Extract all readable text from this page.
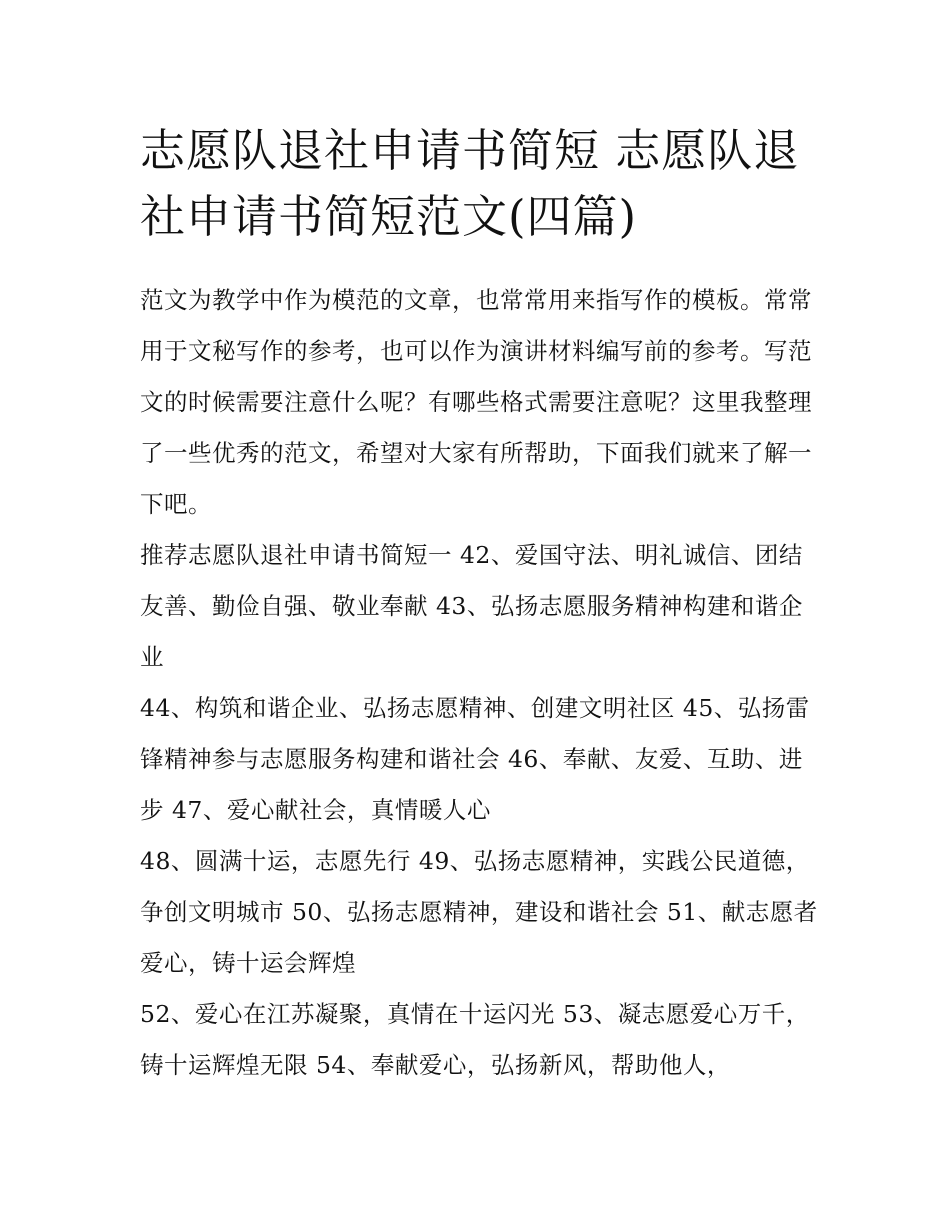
志愿队退社申请书简短 志愿队退社申请书简短范文(四篇)

范文为教学中作为模范的文章，也常常用来指写作的模板。常常用于文秘写作的参考，也可以作为演讲材料编写前的参考。写范文的时候需要注意什么呢？有哪些格式需要注意呢？这里我整理了一些优秀的范文，希望对大家有所帮助，下面我们就来了解一下吧。

推荐志愿队退社申请书简短一 42、爱国守法、明礼诚信、团结友善、勤俭自强、敬业奉献 43、弘扬志愿服务精神构建和谐企业

44、构筑和谐企业、弘扬志愿精神、创建文明社区 45、弘扬雷锋精神参与志愿服务构建和谐社会 46、奉献、友爱、互助、进步 47、爱心献社会，真情暖人心

48、圆满十运，志愿先行 49、弘扬志愿精神，实践公民道德，争创文明城市 50、弘扬志愿精神，建设和谐社会 51、献志愿者爱心，铸十运会辉煌

52、爱心在江苏凝聚，真情在十运闪光 53、凝志愿爱心万千，铸十运辉煌无限 54、奉献爱心，弘扬新风，帮助他人，
